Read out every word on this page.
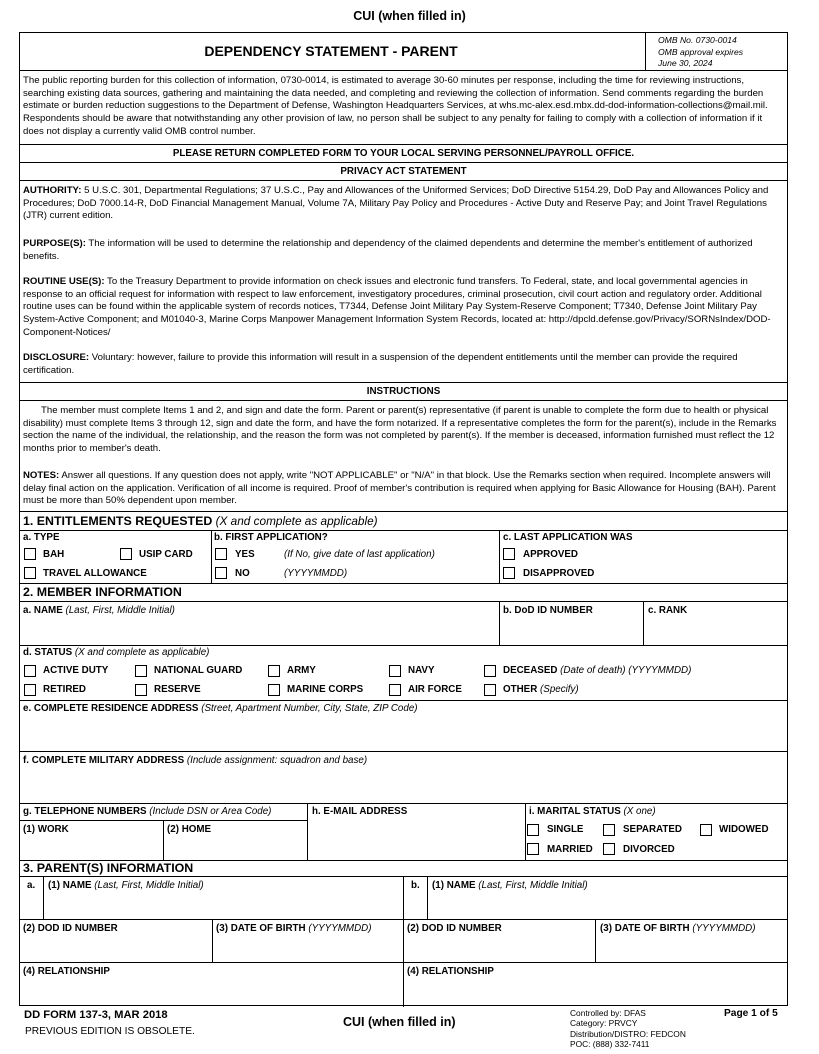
CUI (when filled in)
DEPENDENCY STATEMENT - PARENT
OMB No. 0730-0014
OMB approval expires
June 30, 2024

The public reporting burden for this collection of information, 0730-0014, is estimated to average 30-60 minutes per response, including the time for reviewing instructions, searching existing data sources, gathering and maintaining the data needed, and completing and reviewing the collection of information. Send comments regarding the burden estimate or burden reduction suggestions to the Department of Defense, Washington Headquarters Services, at whs.mc-alex.esd.mbx.dd-dod-information-collections@mail.mil. Respondents should be aware that notwithstanding any other provision of law, no person shall be subject to any penalty for failing to comply with a collection of information if it does not display a currently valid OMB control number.

PLEASE RETURN COMPLETED FORM TO YOUR LOCAL SERVING PERSONNEL/PAYROLL OFFICE.
PRIVACY ACT STATEMENT

AUTHORITY: 5 U.S.C. 301, Departmental Regulations; 37 U.S.C., Pay and Allowances of the Uniformed Services; DoD Directive 5154.29, DoD Pay and Allowances Policy and Procedures; DoD 7000.14-R, DoD Financial Management Manual, Volume 7A, Military Pay Policy and Procedures - Active Duty and Reserve Pay; and Joint Travel Regulations (JTR) current edition.

PURPOSE(S): The information will be used to determine the relationship and dependency of the claimed dependents and determine the member's entitlement of authorized benefits.

ROUTINE USE(S): To the Treasury Department to provide information on check issues and electronic fund transfers. To Federal, state, and local governmental agencies in response to an official request for information with respect to law enforcement, investigatory procedures, criminal prosecution, civil court action and regulatory order. Additional routine uses can be found within the applicable system of records notices, T7344, Defense Joint Military Pay System-Reserve Component; T7340, Defense Joint Military Pay System-Active Component; and M01040-3, Marine Corps Manpower Management Information System Records, located at: http://dpcld.defense.gov/Privacy/SORNsIndex/DOD-Component-Notices/

DISCLOSURE: Voluntary: however, failure to provide this information will result in a suspension of the dependent entitlements until the member can provide the required certification.

INSTRUCTIONS

The member must complete Items 1 and 2, and sign and date the form. Parent or parent(s) representative (if parent is unable to complete the form due to health or physical disability) must complete Items 3 through 12, sign and date the form, and have the form notarized. If a representative completes the form for the parent(s), include in the Remarks section the name of the individual, the relationship, and the reason the form was not completed by parent(s). If the member is deceased, information furnished must reflect the 12 months prior to member's death.

NOTES: Answer all questions. If any question does not apply, write "NOT APPLICABLE" or "N/A" in that block. Use the Remarks section when required. Incomplete answers will delay final action on the application. Verification of all income is required. Proof of member's contribution is required when applying for Basic Allowance for Housing (BAH). Parent must be more than 50% dependent upon member.

1. ENTITLEMENTS REQUESTED (X and complete as applicable)
a. TYPE	b. FIRST APPLICATION?	c. LAST APPLICATION WAS
BAH	USIP CARD
TRAVEL ALLOWANCE
YES	(If No, give date of last application)
NO	(YYYYMMDD)
APPROVED
DISAPPROVED
2. MEMBER INFORMATION
a. NAME (Last, First, Middle Initial)	b. DoD ID NUMBER	c. RANK
d. STATUS (X and complete as applicable)
ACTIVE DUTY	NATIONAL GUARD	ARMY	NAVY	DECEASED (Date of death) (YYYYMMDD)
RETIRED	RESERVE	MARINE CORPS	AIR FORCE	OTHER (Specify)
e. COMPLETE RESIDENCE ADDRESS (Street, Apartment Number, City, State, ZIP Code)
f. COMPLETE MILITARY ADDRESS (Include assignment: squadron and base)
g. TELEPHONE NUMBERS (Include DSN or Area Code)
(1) WORK	(2) HOME
h. E-MAIL ADDRESS	i. MARITAL STATUS (X one)
SINGLE	SEPARATED	WIDOWED
MARRIED	DIVORCED
3. PARENT(S) INFORMATION
a. (1) NAME (Last, First, Middle Initial)	b. (1) NAME (Last, First, Middle Initial)
(2) DOD ID NUMBER	(3) DATE OF BIRTH (YYYYMMDD)	(2) DOD ID NUMBER	(3) DATE OF BIRTH (YYYYMMDD)
(4) RELATIONSHIP	(4) RELATIONSHIP
DD FORM 137-3, MAR 2018
PREVIOUS EDITION IS OBSOLETE.
CUI (when filled in)
Controlled by: DFAS
Category: PRVCY
Distribution/DISTRO: FEDCON
POC: (888) 332-7411
Page 1 of 5
